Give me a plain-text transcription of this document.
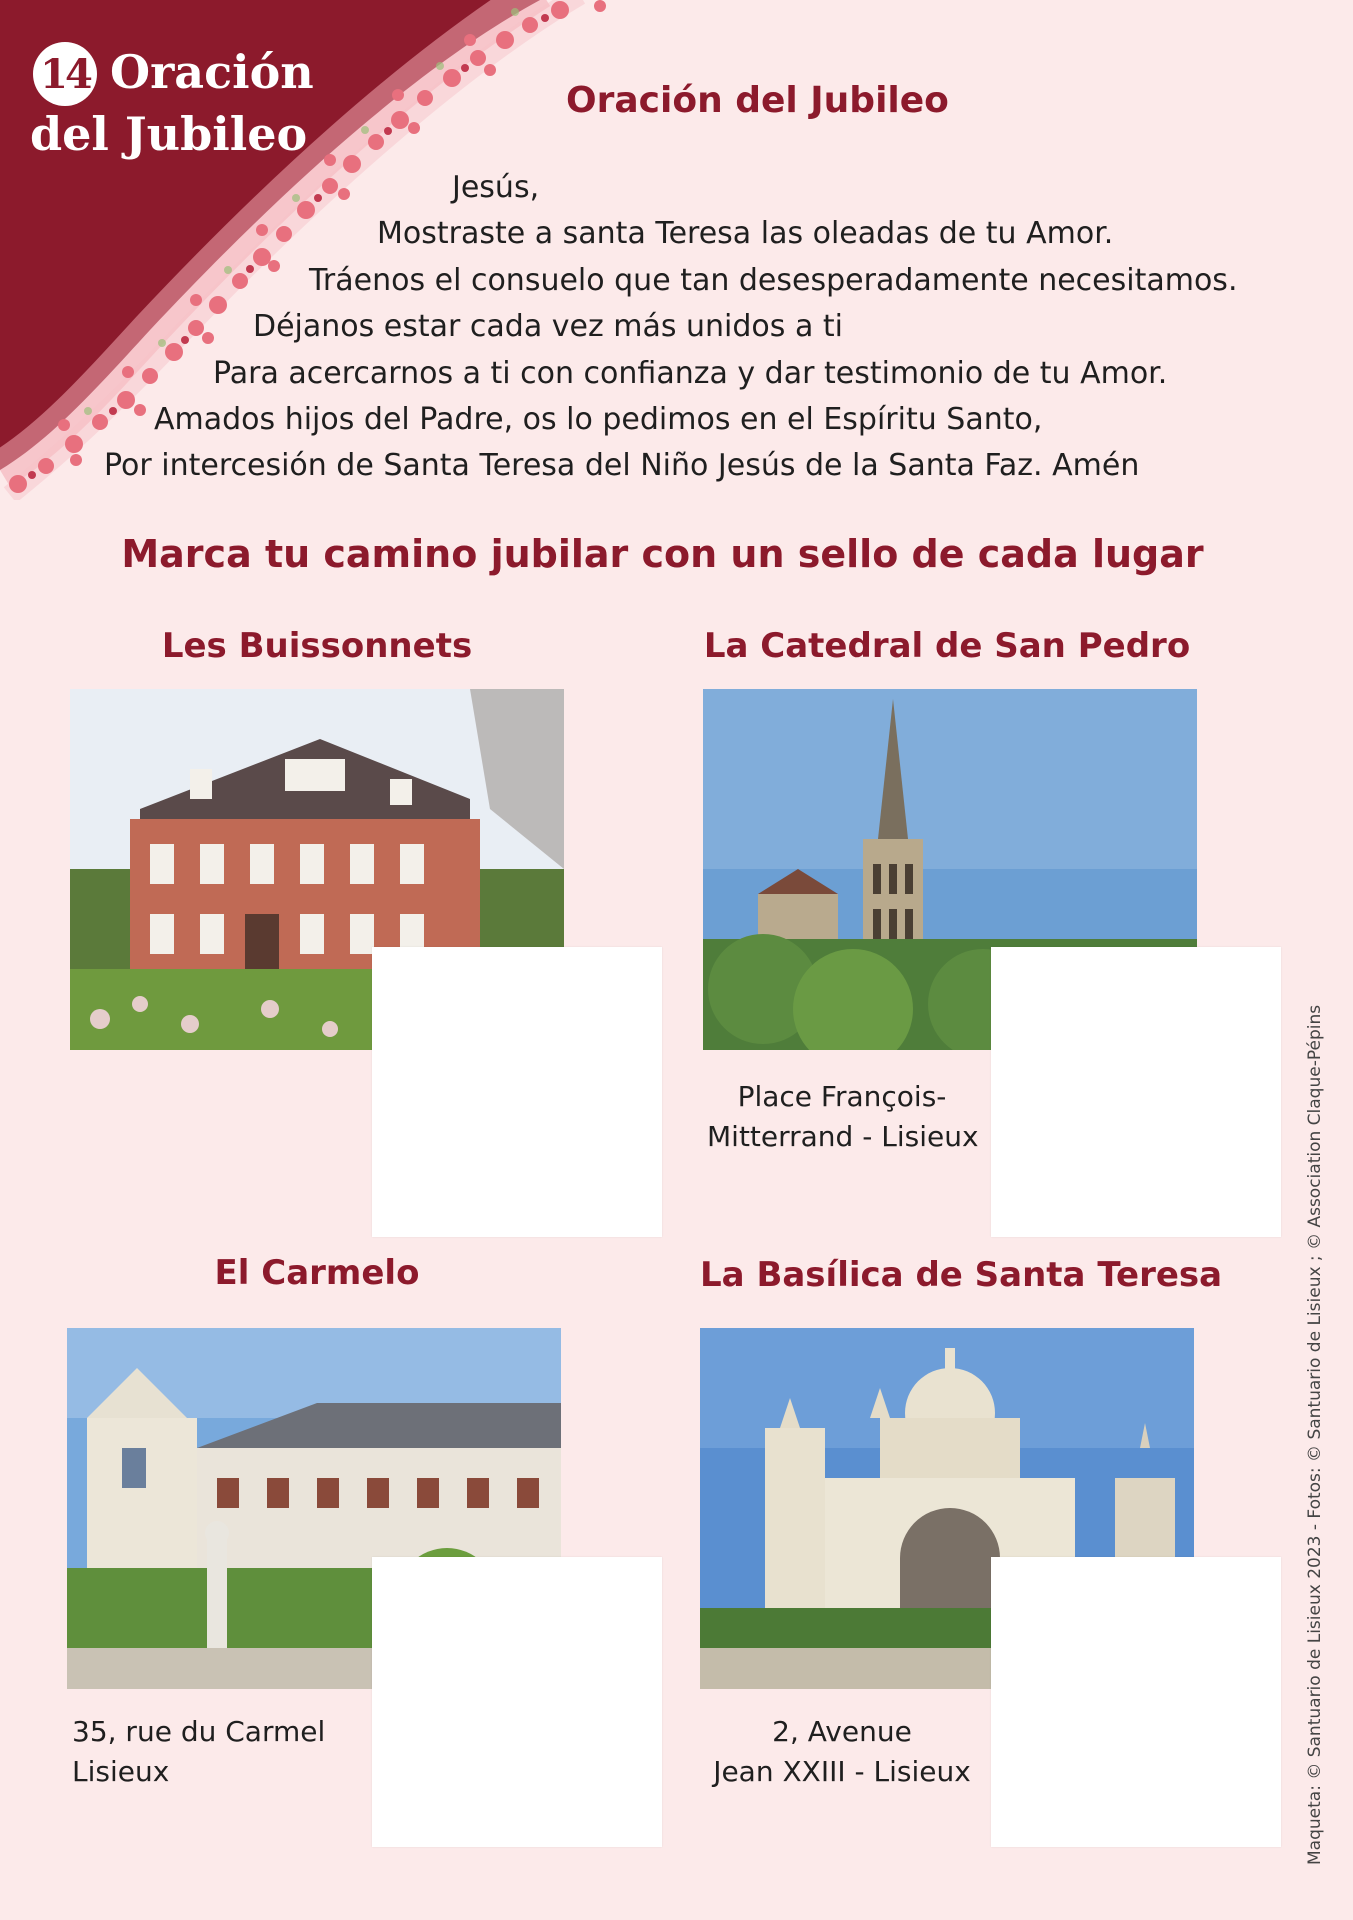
14 Oración
del Jubileo
Oración del Jubileo
Jesús,
Mostraste a santa Teresa las oleadas de tu Amor.
Tráenos el consuelo que tan desesperadamente necesitamos.
Déjanos estar cada vez más unidos a ti
Para acercarnos a ti con confianza y dar testimonio de tu Amor.
Amados hijos del Padre, os lo pedimos en el Espíritu Santo,
Por intercesión de Santa Teresa del Niño Jesús de la Santa Faz. Amén
Marca tu camino jubilar con un sello de cada lugar
Les Buissonnets	La Catedral de San Pedro
Place François-
Mitterrand - Lisieux
El Carmelo
35, rue du Carmel
Lisieux
La Basílica de Santa Teresa
2, Avenue
Jean XXIII - Lisieux	Maqueta: © Santuario de Lisieux 2023 - Fotos: © Santuario de Lisieux ; © Association Claque-Pépins
